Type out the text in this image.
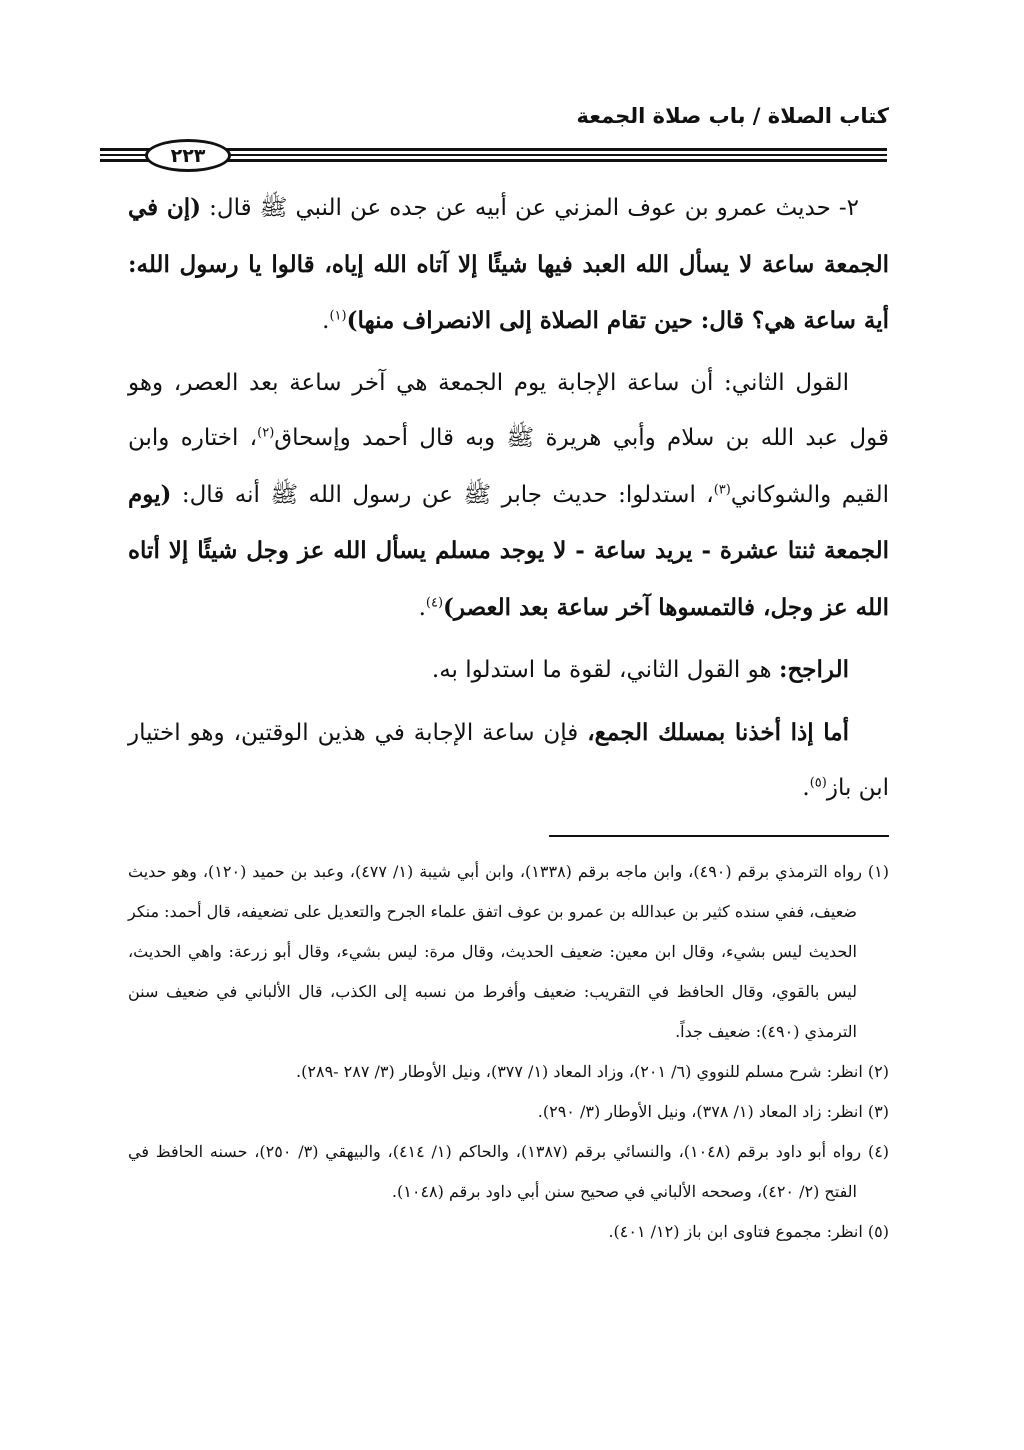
كتاب الصلاة / باب صلاة الجمعة
٢٢٣

٢- حديث عمرو بن عوف المزني عن أبيه عن جده عن النبي ﷺ قال: (إن في الجمعة ساعة لا يسأل الله العبد فيها شيئًا إلا آتاه الله إياه، قالوا يا رسول الله: أية ساعة هي؟ قال: حين تقام الصلاة إلى الانصراف منها)$^{(١)}$.

القول الثاني: أن ساعة الإجابة يوم الجمعة هي آخر ساعة بعد العصر، وهو قول عبد الله بن سلام وأبي هريرة ﷺ وبه قال أحمد وإسحاق$^{(٢)}$، اختاره وابن القيم والشوكاني$^{(٣)}$، استدلوا: حديث جابر ﷺ عن رسول الله ﷺ أنه قال: (يوم الجمعة ثنتا عشرة - يريد ساعة - لا يوجد مسلم يسأل الله عز وجل شيئًا إلا أتاه الله عز وجل، فالتمسوها آخر ساعة بعد العصر)$^{(٤)}$.

الراجح: هو القول الثاني، لقوة ما استدلوا به.

أما إذا أخذنا بمسلك الجمع، فإن ساعة الإجابة في هذين الوقتين، وهو اختيار ابن باز$^{(٥)}$.

(١) رواه الترمذي برقم (٤٩٠)، وابن ماجه برقم (١٣٣٨)، وابن أبي شيبة (١/ ٤٧٧)، وعبد بن حميد (١٢٠)، وهو حديث ضعيف، ففي سنده كثير بن عبدالله بن عمرو بن عوف اتفق علماء الجرح والتعديل على تضعيفه، قال أحمد: منكر الحديث ليس بشيء، وقال ابن معين: ضعيف الحديث، وقال مرة: ليس بشيء، وقال أبو زرعة: واهي الحديث، ليس بالقوي، وقال الحافظ في التقريب: ضعيف وأفرط من نسبه إلى الكذب، قال الألباني في ضعيف سنن الترمذي (٤٩٠): ضعيف جداً.

(٢) انظر: شرح مسلم للنووي (٦/ ٢٠١)، وزاد المعاد (١/ ٣٧٧)، ونيل الأوطار (٣/ ٢٨٧ -٢٨٩).

(٣) انظر: زاد المعاد (١/ ٣٧٨)، ونيل الأوطار (٣/ ٢٩٠).

(٤) رواه أبو داود برقم (١٠٤٨)، والنسائي برقم (١٣٨٧)، والحاكم (١/ ٤١٤)، والبيهقي (٣/ ٢٥٠)، حسنه الحافظ في الفتح (٢/ ٤٢٠)، وصححه الألباني في صحيح سنن أبي داود برقم (١٠٤٨).

(٥) انظر: مجموع فتاوى ابن باز (١٢/ ٤٠١).
